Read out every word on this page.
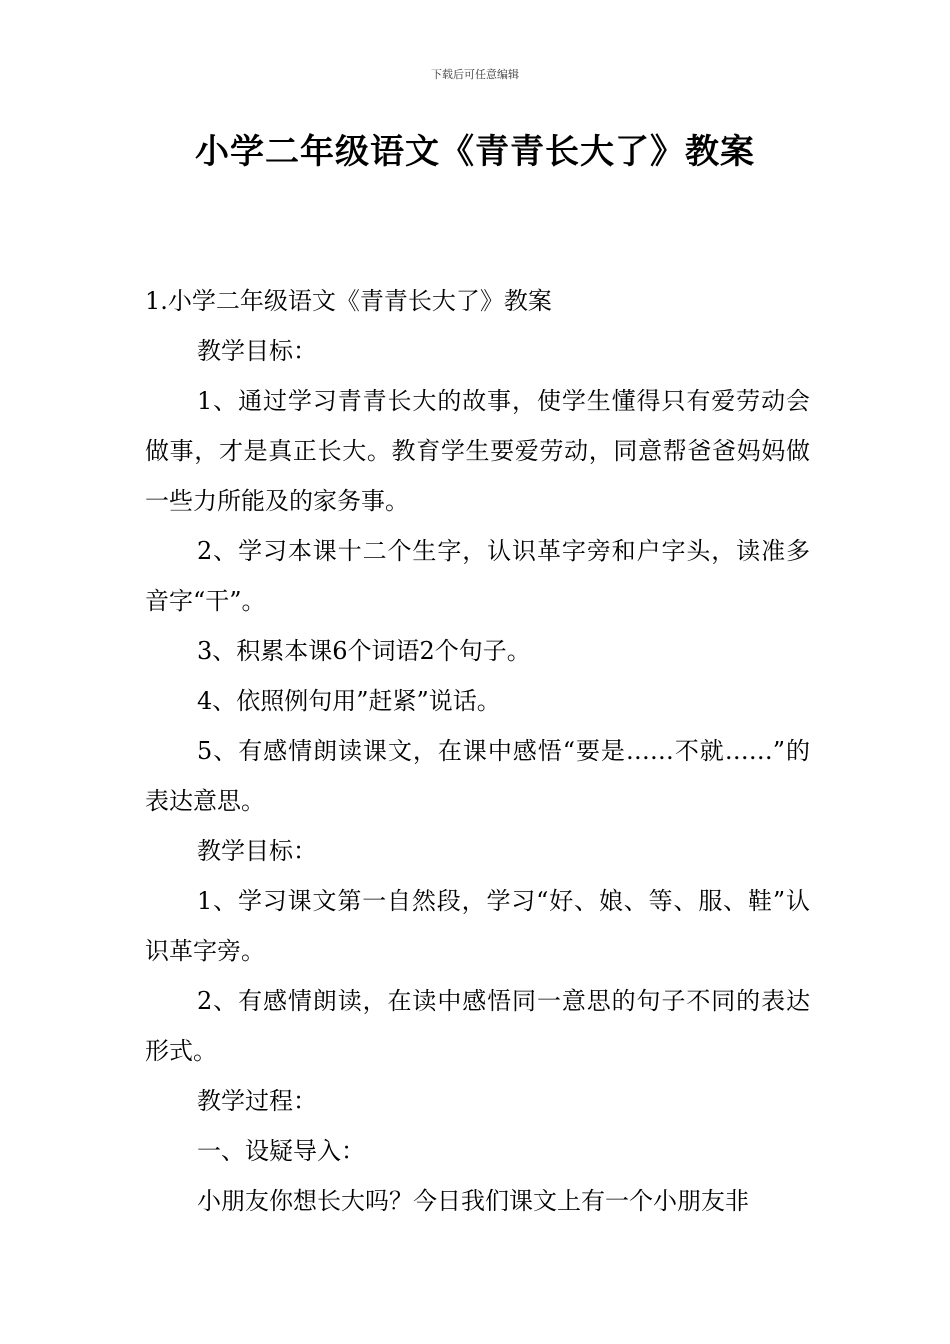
下载后可任意编辑
小学二年级语文《青青长大了》教案

1.小学二年级语文《青青长大了》教案

教学目标：

1、通过学习青青长大的故事，使学生懂得只有爱劳动会做事，才是真正长大。教育学生要爱劳动，同意帮爸爸妈妈做一些力所能及的家务事。

2、学习本课十二个生字，认识革字旁和户字头，读准多音字“干”。

3、积累本课6个词语2个句子。

4、依照例句用”赶紧”说话。

5、有感情朗读课文，在课中感悟“要是……不就……”的表达意思。

教学目标：

1、学习课文第一自然段，学习“好、娘、等、服、鞋”认识革字旁。

2、有感情朗读，在读中感悟同一意思的句子不同的表达形式。

教学过程：

一、设疑导入：

小朋友你想长大吗？今日我们课文上有一个小朋友非
